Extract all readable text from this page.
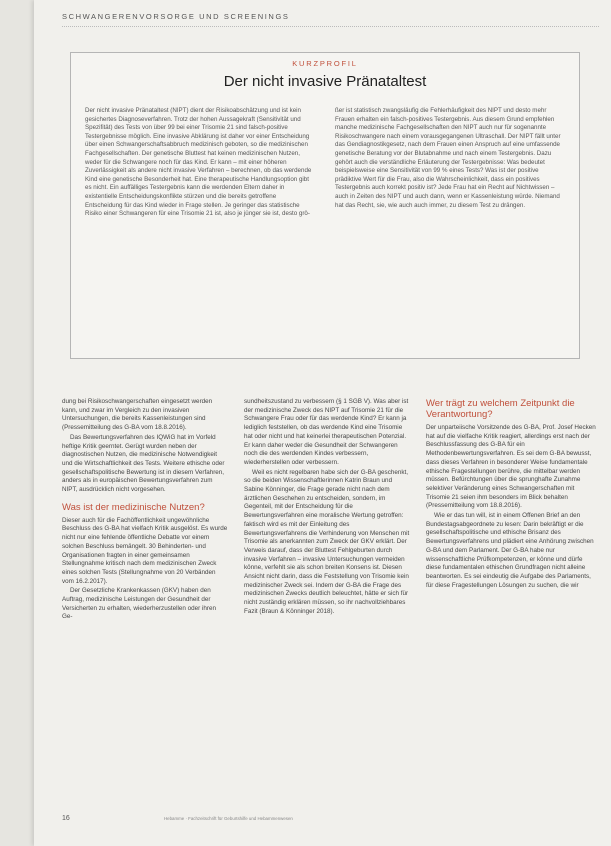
SCHWANGERENVORSORGE UND SCREENINGS
KURZPROFIL
Der nicht invasive Pränataltest

Der nicht invasive Pränataltest (NIPT) dient der Risikoabschätzung und ist kein gesichertes Diagnoseverfahren. Trotz der hohen Aussagekraft (Sensitivität und Spezifität) des Tests von über 99 bei einer Trisomie 21 sind falsch-positive Testergebnisse möglich. Eine invasive Abklärung ist daher vor einer Entscheidung über einen Schwangerschaftsabbruch medizinisch geboten, so die medizinischen Fachgesellschaften. Der genetische Bluttest hat keinen medizinischen Nutzen, weder für die Schwangere noch für das Kind. Er kann – mit einer höheren Zuverlässigkeit als andere nicht invasive Verfahren – berechnen, ob das werdende Kind eine genetische Besonderheit hat. Eine therapeutische Handlungsoption gibt es nicht. Ein auffälliges Testergebnis kann die werdenden Eltern daher in existentielle Entscheidungskonflikte stürzen und die bereits getroffene Entscheidung für das Kind wieder in Frage stellen. Je geringer das statistische Risiko einer Schwangeren für eine Trisomie 21 ist, also je jünger sie ist, desto grö-

ßer ist statistisch zwangsläufig die Fehlerhäufigkeit des NIPT und desto mehr Frauen erhalten ein falsch-positives Testergebnis. Aus diesem Grund empfehlen manche medizinische Fachgesellschaften den NIPT auch nur für sogenannte Risikoschwangere nach einem vorausgegangenen Ultraschall. Der NIPT fällt unter das Gendiagnostikgesetz, nach dem Frauen einen Anspruch auf eine umfassende genetische Beratung vor der Blutabnahme und nach einem Testergebnis. Dazu gehört auch die verständliche Erläuterung der Testergebnisse: Was bedeutet beispielsweise eine Sensitivität von 99 % eines Tests? Was ist der positive prädiktive Wert für die Frau, also die Wahrscheinlichkeit, dass ein positives Testergebnis auch korrekt positiv ist? Jede Frau hat ein Recht auf Nichtwissen – auch in Zeiten des NIPT und auch dann, wenn er Kassenleistung würde. Niemand hat das Recht, sie, wie auch auch immer, zu diesem Test zu drängen.

dung bei Risikoschwangerschaften eingesetzt werden kann, und zwar im Vergleich zu den invasiven Untersuchungen, die bereits Kassenleistungen sind (Pressemitteilung des G-BA vom 18.8.2016).

Das Bewertungsverfahren des IQWiG hat im Vorfeld heftige Kritik geerntet. Gerügt wurden neben der diagnostischen Nutzen, die medizinische Notwendigkeit und die Wirtschaftlichkeit des Tests. Weitere ethische oder gesellschaftspolitische Bewertung ist in diesem Verfahren, anders als in europäischen Bewertungsverfahren zum NIPT, ausdrücklich nicht vorgesehen.

Was ist der medizinische Nutzen?

Dieser auch für die Fachöffentlichkeit ungewöhnliche Beschluss des G-BA hat vielfach Kritik ausgelöst. Es wurde nicht nur eine fehlende öffentliche Debatte vor einem solchen Beschluss bemängelt. 30 Behinderten- und Organisationen fragten in einer gemeinsamen Stellungnahme kritisch nach dem medizinischen Zweck eines solchen Tests (Stellungnahme von 20 Verbänden vom 16.2.2017).

Der Gesetzliche Krankenkassen (GKV) haben den Auftrag, medizinische Leistungen der Gesundheit der Versicherten zu erhalten, wiederherzustellen oder ihren Ge-

sundheitszustand zu verbessern (§ 1 SGB V). Was aber ist der medizinische Zweck des NIPT auf Trisomie 21 für die Schwangere Frau oder für das werdende Kind? Er kann ja lediglich feststellen, ob das werdende Kind eine Trisomie hat oder nicht und hat keinerlei therapeutischen Potenzial. Er kann daher weder die Gesundheit der Schwangeren noch die des werdenden Kindes verbessern, wiederherstellen oder verbessern.

Weil es nicht regelbaren habe sich der G-BA geschenkt, so die beiden Wissenschaftlerinnen Katrin Braun und Sabine Könninger, die Frage gerade nicht nach dem ärztlichen Geschehen zu entscheiden, sondern, im Gegenteil, mit der Entscheidung für die Bewertungsverfahren eine moralische Wertung getroffen: faktisch wird es mit der Einleitung des Bewertungsverfahrens die Verhinderung von Menschen mit Trisomie als anerkannten zum Zweck der GKV erklärt. Der Verweis darauf, dass der Bluttest Fehlgeburten durch invasive Verfahren – invasive Untersuchungen vermeiden könne, verfehlt sie als schon breiten Konsens ist. Diesen Ansicht nicht darin, dass die Feststellung von Trisomie kein medizinischer Zweck sei. Indem der G-BA die Frage des medizinischen Zwecks deutlich beleuchtet, hätte er sich für nicht zuständig erklären müssen, so ihr nachvollziehbares Fazit (Braun & Könninger 2018).

Wer trägt zu welchem Zeitpunkt die Verantwortung?

Der unparteiische Vorsitzende des G-BA, Prof. Josef Hecken hat auf die vielfache Kritik reagiert, allerdings erst nach der Beschlussfassung des G-BA für ein Methodenbewertungsverfahren. Es sei dem G-BA bewusst, dass dieses Verfahren in besonderer Weise fundamentale ethische Fragestellungen berühre, die mittelbar werden müssen. Befürchtungen über die sprunghafte Zunahme selektiver Veränderung eines Schwangerschaften mit Trisomie 21 seien ihm besonders im Blick behalten (Pressemitteilung vom 18.8.2016).

Wie er das tun will, ist in einem Offenen Brief an den Bundestagsabgeordnete zu lesen: Darin bekräftigt er die gesellschaftspolitische und ethische Brisanz des Bewertungsverfahrens und plädiert eine Anhörung zwischen G-BA und dem Parlament. Der G-BA habe nur wissenschaftliche Prüfkompetenzen, er könne und dürfe diese fundamentalen ethischen Grundfragen nicht alleine beantworten. Es sei eindeutig die Aufgabe des Parlaments, für diese Fragestellungen Lösungen zu suchen, die wir

16	Hebamme · Fachzeitschrift für Geburtshilfe und Hebammenwesen
